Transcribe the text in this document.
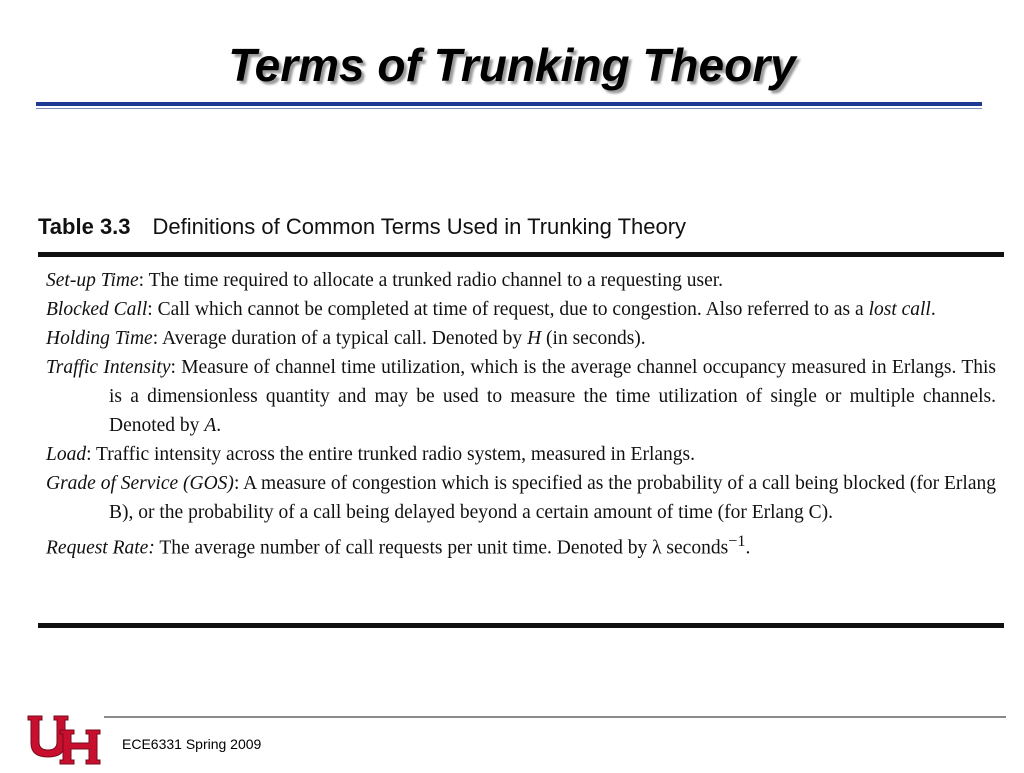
Terms of Trunking Theory
Table 3.3 Definitions of Common Terms Used in Trunking Theory

Set-up Time: The time required to allocate a trunked radio channel to a requesting user.

Blocked Call: Call which cannot be completed at time of request, due to congestion. Also referred to as a lost call.

Holding Time: Average duration of a typical call. Denoted by H (in seconds).

Traffic Intensity: Measure of channel time utilization, which is the average channel occupancy measured in Erlangs. This is a dimensionless quantity and may be used to measure the time utilization of single or multiple channels. Denoted by A.

Load: Traffic intensity across the entire trunked radio system, measured in Erlangs.

Grade of Service (GOS): A measure of congestion which is specified as the probability of a call being blocked (for Erlang B), or the probability of a call being delayed beyond a certain amount of time (for Erlang C).

Request Rate: The average number of call requests per unit time. Denoted by λ seconds$^{-1}$.

ECE6331 Spring 2009
